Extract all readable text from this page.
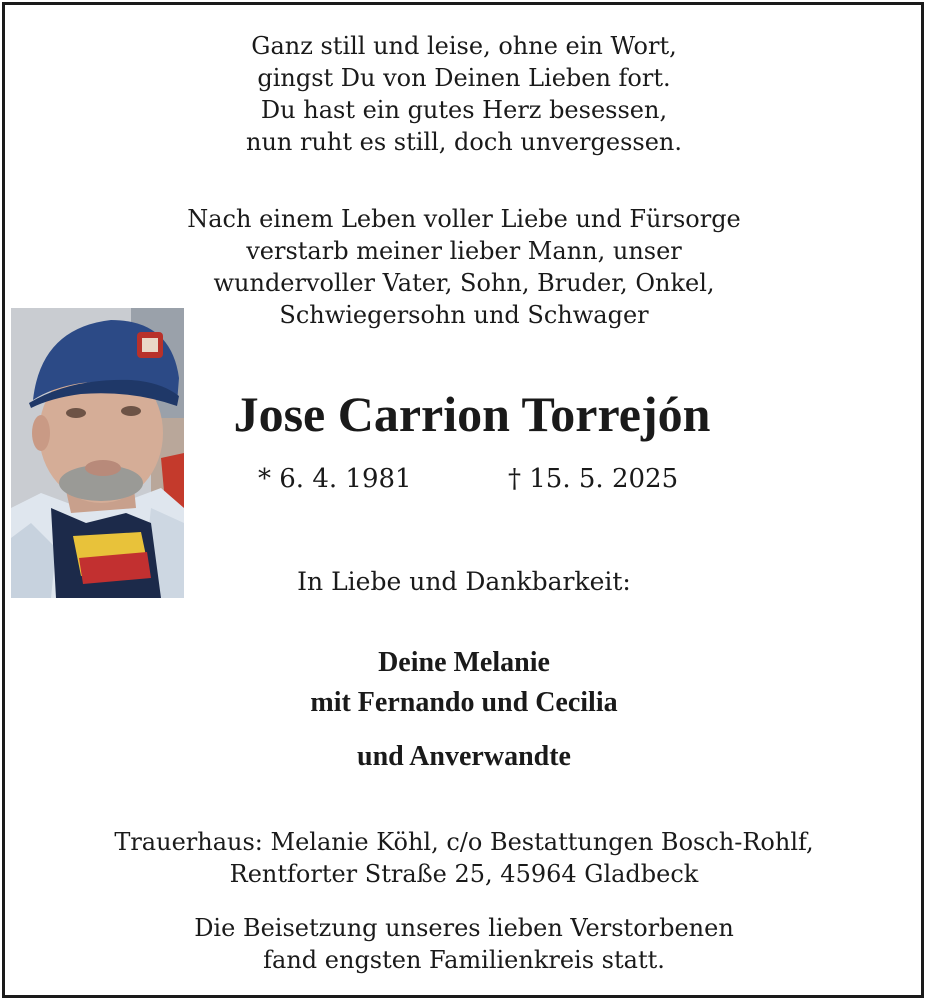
Ganz still und leise, ohne ein Wort,
gingst Du von Deinen Lieben fort.
Du hast ein gutes Herz besessen,
nun ruht es still, doch unvergessen.
Nach einem Leben voller Liebe und Fürsorge
verstarb meiner lieber Mann, unser
wundervoller Vater, Sohn, Bruder, Onkel,
Schwiegersohn und Schwager
Jose Carrion Torrejón
* 6. 4. 1981	† 15. 5. 2025
In Liebe und Dankbarkeit:
Deine Melanie
mit Fernando und Cecilia
und Anverwandte
Trauerhaus: Melanie Köhl, c/o Bestattungen Bosch-Rohlf,
Rentforter Straße 25, 45964 Gladbeck
Die Beisetzung unseres lieben Verstorbenen
fand engsten Familienkreis statt.
